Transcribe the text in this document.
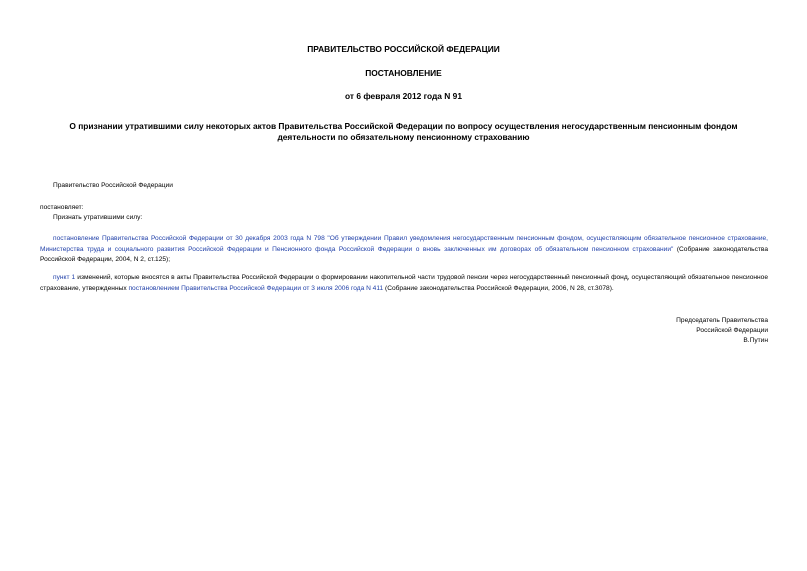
ПРАВИТЕЛЬСТВО РОССИЙСКОЙ ФЕДЕРАЦИИ
ПОСТАНОВЛЕНИЕ
от 6 февраля 2012 года N 91
О признании утратившими силу некоторых актов Правительства Российской Федерации по вопросу осуществления негосударственным пенсионным фондом деятельности по обязательному пенсионному страхованию
Правительство Российской Федерации
постановляет:
Признать утратившими силу:
постановление Правительства Российской Федерации от 30 декабря 2003 года N 798 "Об утверждении Правил уведомления негосударственным пенсионным фондом, осуществляющим обязательное пенсионное страхование, Министерства труда и социального развития Российской Федерации и Пенсионного фонда Российской Федерации о вновь заключенных им договорах об обязательном пенсионном страховании" (Собрание законодательства Российской Федерации, 2004, N 2, ст.125);
пункт 1 изменений, которые вносятся в акты Правительства Российской Федерации о формировании накопительной части трудовой пенсии через негосударственный пенсионный фонд, осуществляющий обязательное пенсионное страхование, утвержденных постановлением Правительства Российской Федерации от 3 июля 2006 года N 411 (Собрание законодательства Российской Федерации, 2006, N 28, ст.3078).
Председатель Правительства
Российской Федерации
В.Путин
